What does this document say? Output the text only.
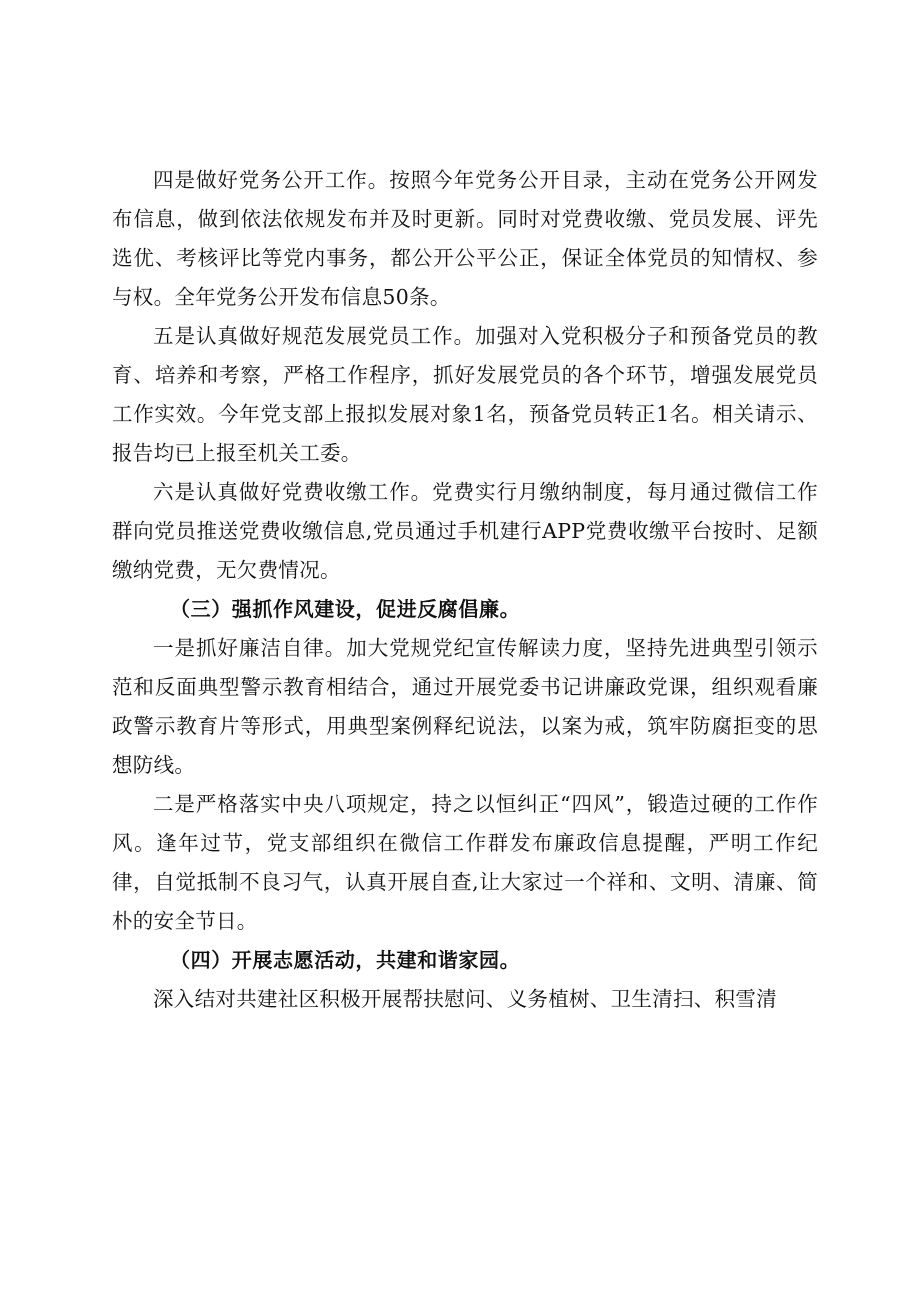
四是做好党务公开工作。按照今年党务公开目录，主动在党务公开网发布信息，做到依法依规发布并及时更新。同时对党费收缴、党员发展、评先选优、考核评比等党内事务，都公开公平公正，保证全体党员的知情权、参与权。全年党务公开发布信息50条。

五是认真做好规范发展党员工作。加强对入党积极分子和预备党员的教育、培养和考察，严格工作程序，抓好发展党员的各个环节，增强发展党员工作实效。今年党支部上报拟发展对象1名，预备党员转正1名。相关请示、报告均已上报至机关工委。

六是认真做好党费收缴工作。党费实行月缴纳制度，每月通过微信工作群向党员推送党费收缴信息,党员通过手机建行APP党费收缴平台按时、足额缴纳党费，无欠费情况。

（三）强抓作风建设，促进反腐倡廉。

一是抓好廉洁自律。加大党规党纪宣传解读力度，坚持先进典型引领示范和反面典型警示教育相结合，通过开展党委书记讲廉政党课，组织观看廉政警示教育片等形式，用典型案例释纪说法，以案为戒，筑牢防腐拒变的思想防线。

二是严格落实中央八项规定，持之以恒纠正“四风”，锻造过硬的工作作风。逢年过节，党支部组织在微信工作群发布廉政信息提醒，严明工作纪律，自觉抵制不良习气，认真开展自查,让大家过一个祥和、文明、清廉、简朴的安全节日。

（四）开展志愿活动，共建和谐家园。

深入结对共建社区积极开展帮扶慰问、义务植树、卫生清扫、积雪清
